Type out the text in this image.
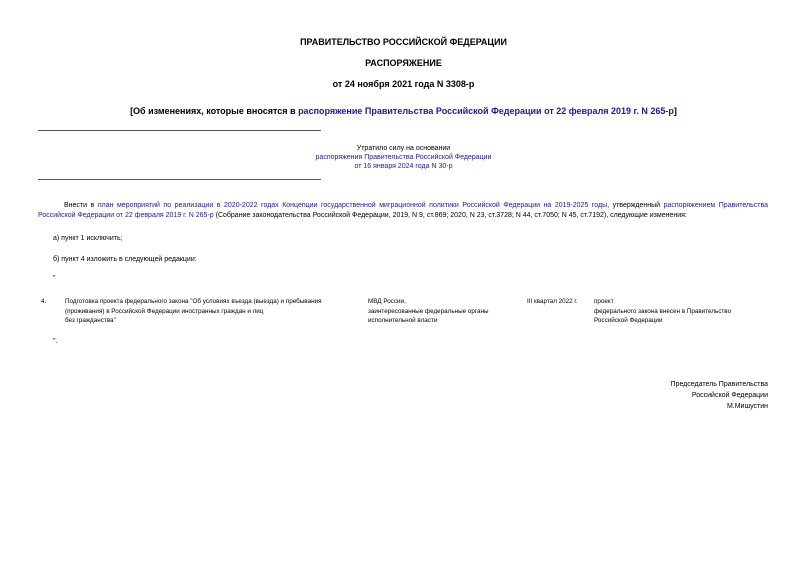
ПРАВИТЕЛЬСТВО РОССИЙСКОЙ ФЕДЕРАЦИИ
РАСПОРЯЖЕНИЕ
от 24 ноября 2021 года N 3308-р
[Об изменениях, которые вносятся в распоряжение Правительства Российской Федерации от 22 февраля 2019 г. N 265-р]
Утратило силу на основании
распоряжения Правительства Российской Федерации
от 16 января 2024 года N 30-р
Внести в план мероприятий по реализации в 2020-2022 годах Концепции государственной миграционной политики Российской Федерации на 2019-2025 годы, утвержденный распоряжением Правительства Российской Федерации от 22 февраля 2019 г. N 265-р (Собрание законодательства Российской Федерации, 2019, N 9, ст.869; 2020, N 23, ст.3728; N 44, ст.7050; N 45, ст.7192), следующие изменения:
а) пункт 1 исключить;
б) пункт 4 изложить в следующей редакции:
"
4.	Подготовка проекта федерального закона "Об условиях въезда (выезда) и пребывания
(проживания) в Российской Федерации иностранных граждан и лиц
без гражданства"
МВД России,
заинтересованные федеральные органы
исполнительной власти
III квартал 2022 г.	проект
федерального закона внесен в Правительство
Российской Федерации
".
Председатель Правительства
Российской Федерации
М.Мишустин
